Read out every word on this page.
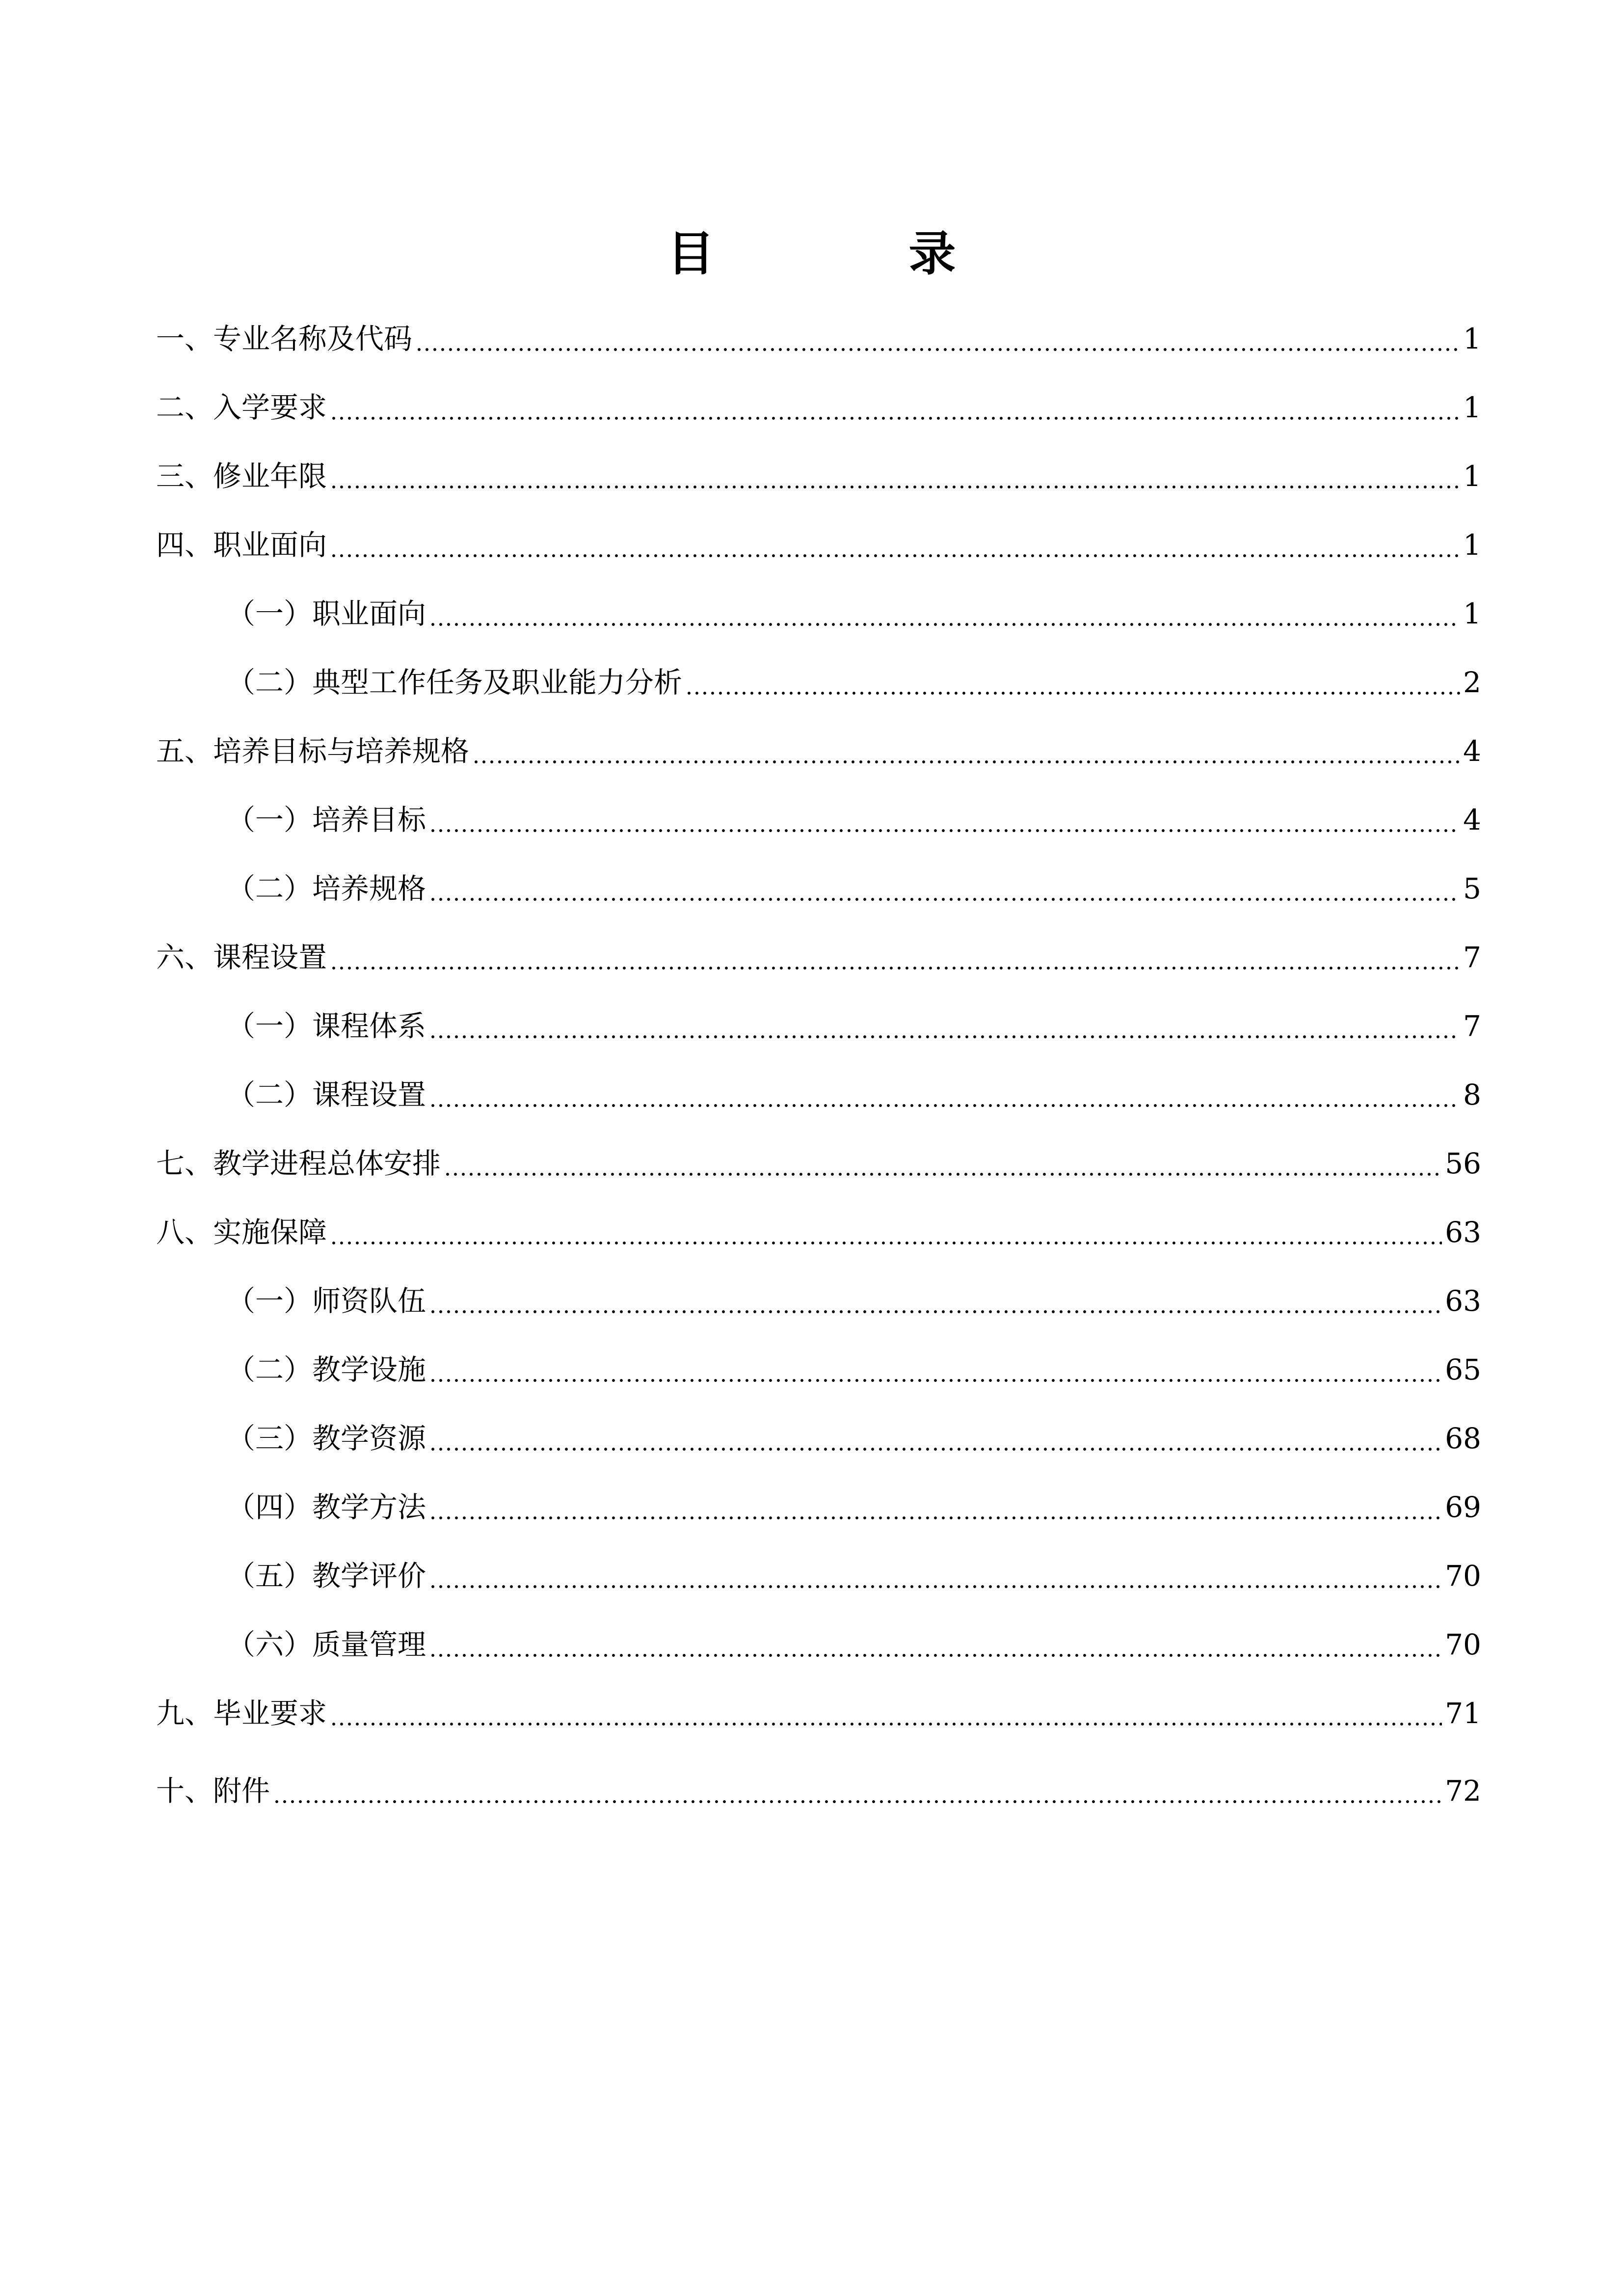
目　录
一、专业名称及代码	1
二、入学要求	1
三、修业年限	1
四、职业面向	1
（一）职业面向	1
（二）典型工作任务及职业能力分析	2
五、培养目标与培养规格	4
（一）培养目标	4
（二）培养规格	5
六、课程设置	7
（一）课程体系	7
（二）课程设置	8
七、教学进程总体安排	56
八、实施保障	63
（一）师资队伍	63
（二）教学设施	65
（三）教学资源	68
（四）教学方法	69
（五）教学评价	70
（六）质量管理	70
九、毕业要求	71
十、附件	72
